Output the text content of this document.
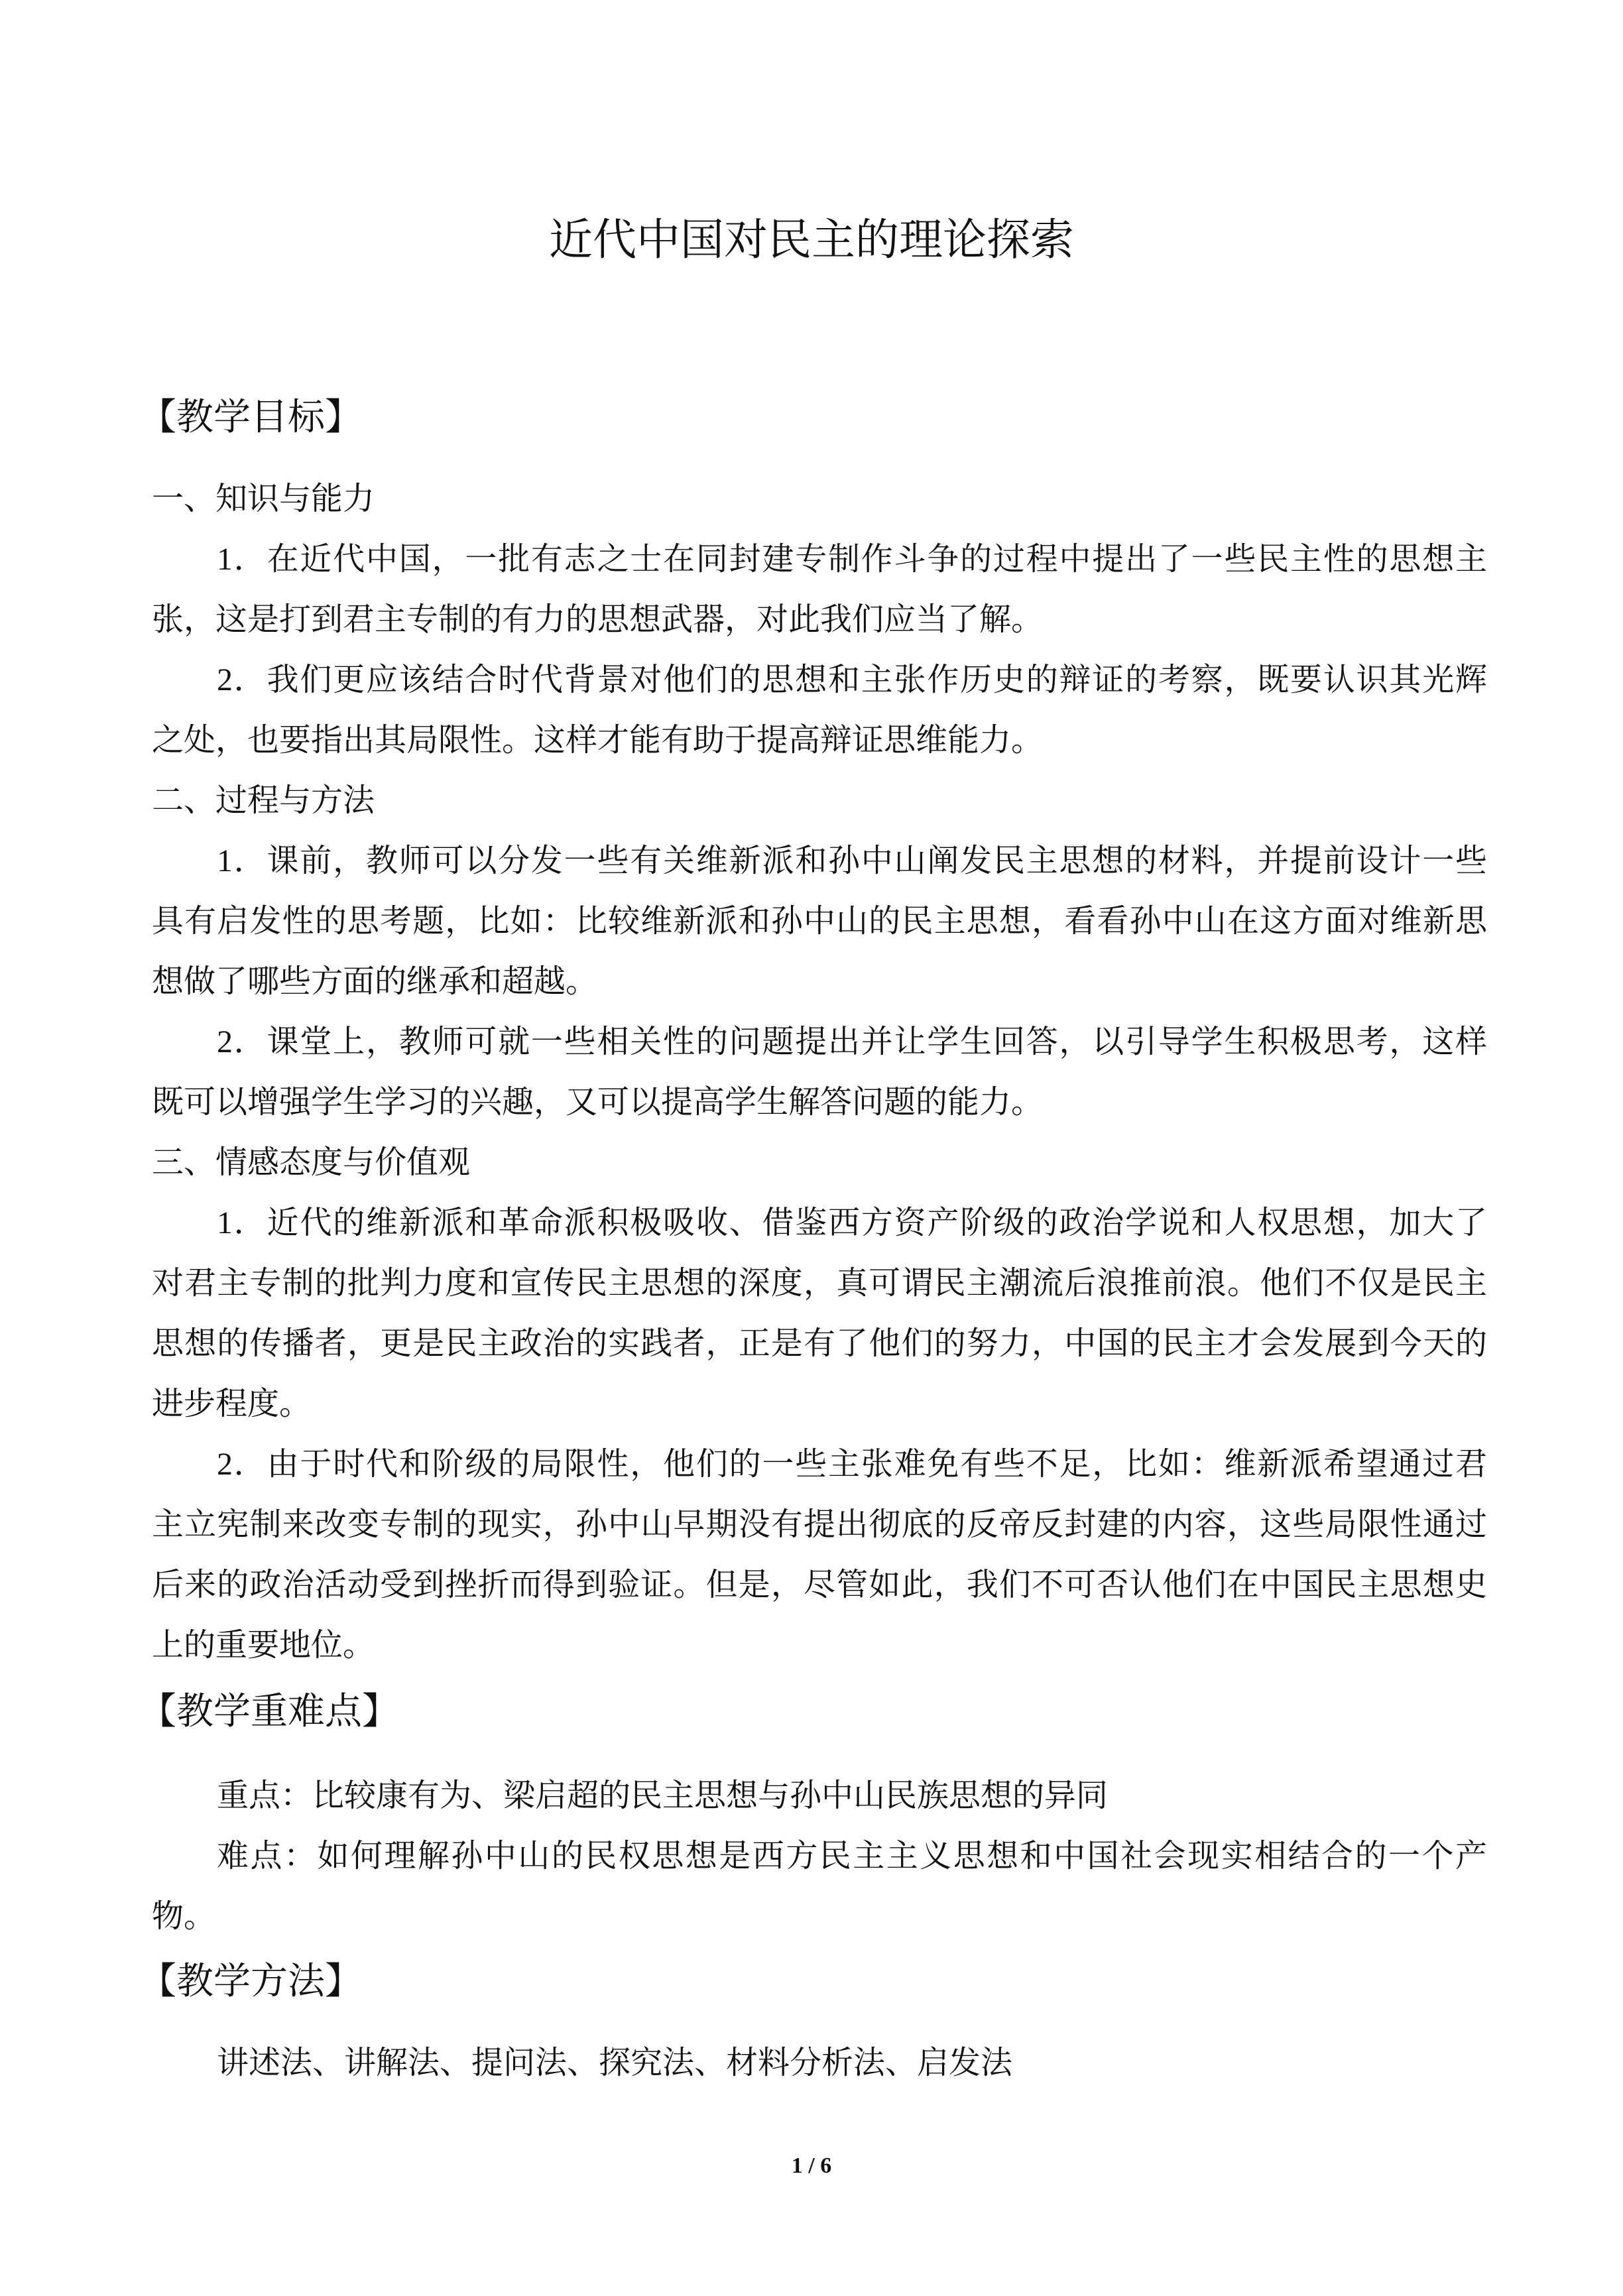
近代中国对民主的理论探索
【教学目标】
一、知识与能力
1．在近代中国，一批有志之士在同封建专制作斗争的过程中提出了一些民主性的思想主
张，这是打到君主专制的有力的思想武器，对此我们应当了解。
2．我们更应该结合时代背景对他们的思想和主张作历史的辩证的考察，既要认识其光辉
之处，也要指出其局限性。这样才能有助于提高辩证思维能力。
二、过程与方法
1．课前，教师可以分发一些有关维新派和孙中山阐发民主思想的材料，并提前设计一些
具有启发性的思考题，比如：比较维新派和孙中山的民主思想，看看孙中山在这方面对维新思
想做了哪些方面的继承和超越。
2．课堂上，教师可就一些相关性的问题提出并让学生回答，以引导学生积极思考，这样
既可以增强学生学习的兴趣，又可以提高学生解答问题的能力。
三、情感态度与价值观
1．近代的维新派和革命派积极吸收、借鉴西方资产阶级的政治学说和人权思想，加大了
对君主专制的批判力度和宣传民主思想的深度，真可谓民主潮流后浪推前浪。他们不仅是民主
思想的传播者，更是民主政治的实践者，正是有了他们的努力，中国的民主才会发展到今天的
进步程度。
2．由于时代和阶级的局限性，他们的一些主张难免有些不足，比如：维新派希望通过君
主立宪制来改变专制的现实，孙中山早期没有提出彻底的反帝反封建的内容，这些局限性通过
后来的政治活动受到挫折而得到验证。但是，尽管如此，我们不可否认他们在中国民主思想史
上的重要地位。
【教学重难点】
重点：比较康有为、梁启超的民主思想与孙中山民族思想的异同
难点：如何理解孙中山的民权思想是西方民主主义思想和中国社会现实相结合的一个产
物。
【教学方法】
讲述法、讲解法、提问法、探究法、材料分析法、启发法
1 / 6
